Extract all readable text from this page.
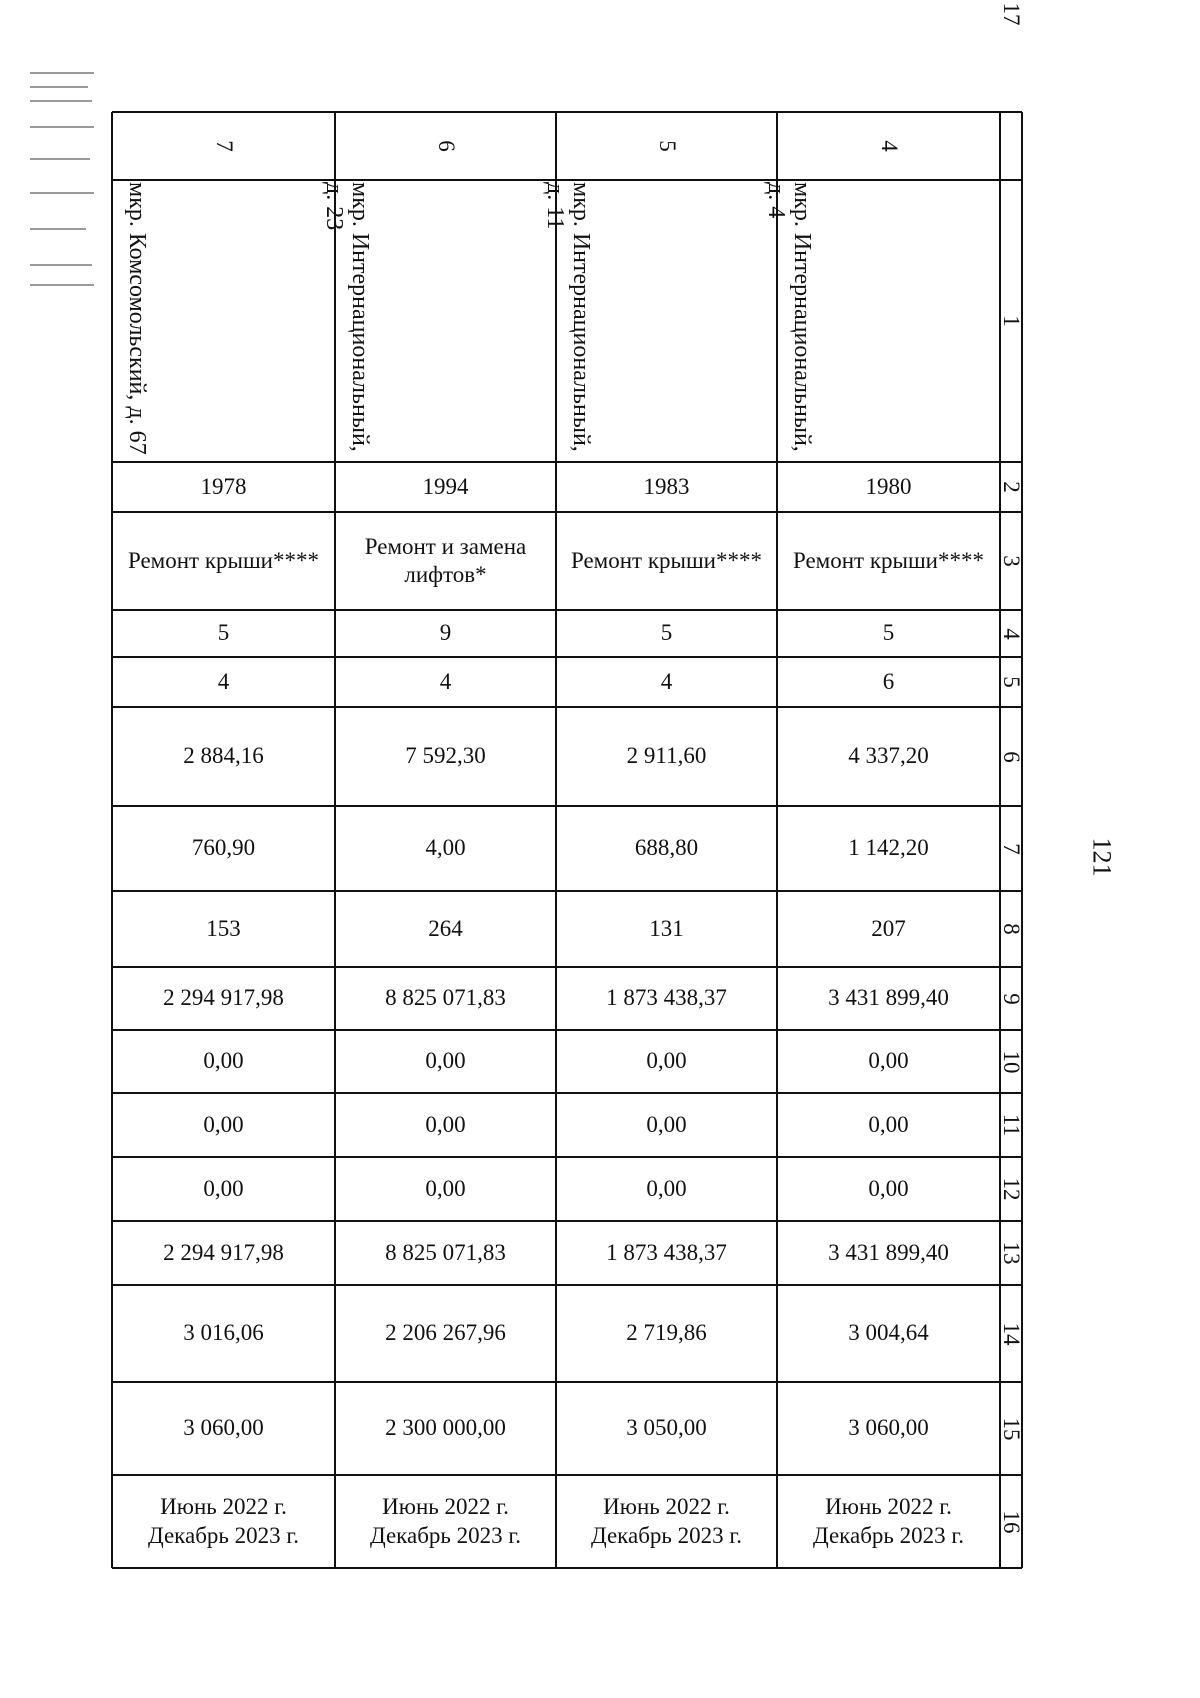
121
1
2
3
4
5
6
7
8
9
10
11
12
13
14
15
16
17
4
мкр. Интернациональный,
д. 4
1980
Ремонт крыши****
5
6
4 337,20
1 142,20
207
3 431 899,40
0,00
0,00
0,00
3 431 899,40
3 004,64
3 060,00
Июнь 2022 г.
Декабрь 2023 г.
5
мкр. Интернациональный,
д. 11
1983
Ремонт крыши****
5
4
2 911,60
688,80
131
1 873 438,37
0,00
0,00
0,00
1 873 438,37
2 719,86
3 050,00
Июнь 2022 г.
Декабрь 2023 г.
6
мкр. Интернациональный,
д. 23
1994
Ремонт и замена лифтов*
9
4
7 592,30
4,00
264
8 825 071,83
0,00
0,00
0,00
8 825 071,83
2 206 267,96
2 300 000,00
Июнь 2022 г.
Декабрь 2023 г.
7
мкр. Комсомольский, д. 67
1978
Ремонт крыши****
5
4
2 884,16
760,90
153
2 294 917,98
0,00
0,00
0,00
2 294 917,98
3 016,06
3 060,00
Июнь 2022 г.
Декабрь 2023 г.
